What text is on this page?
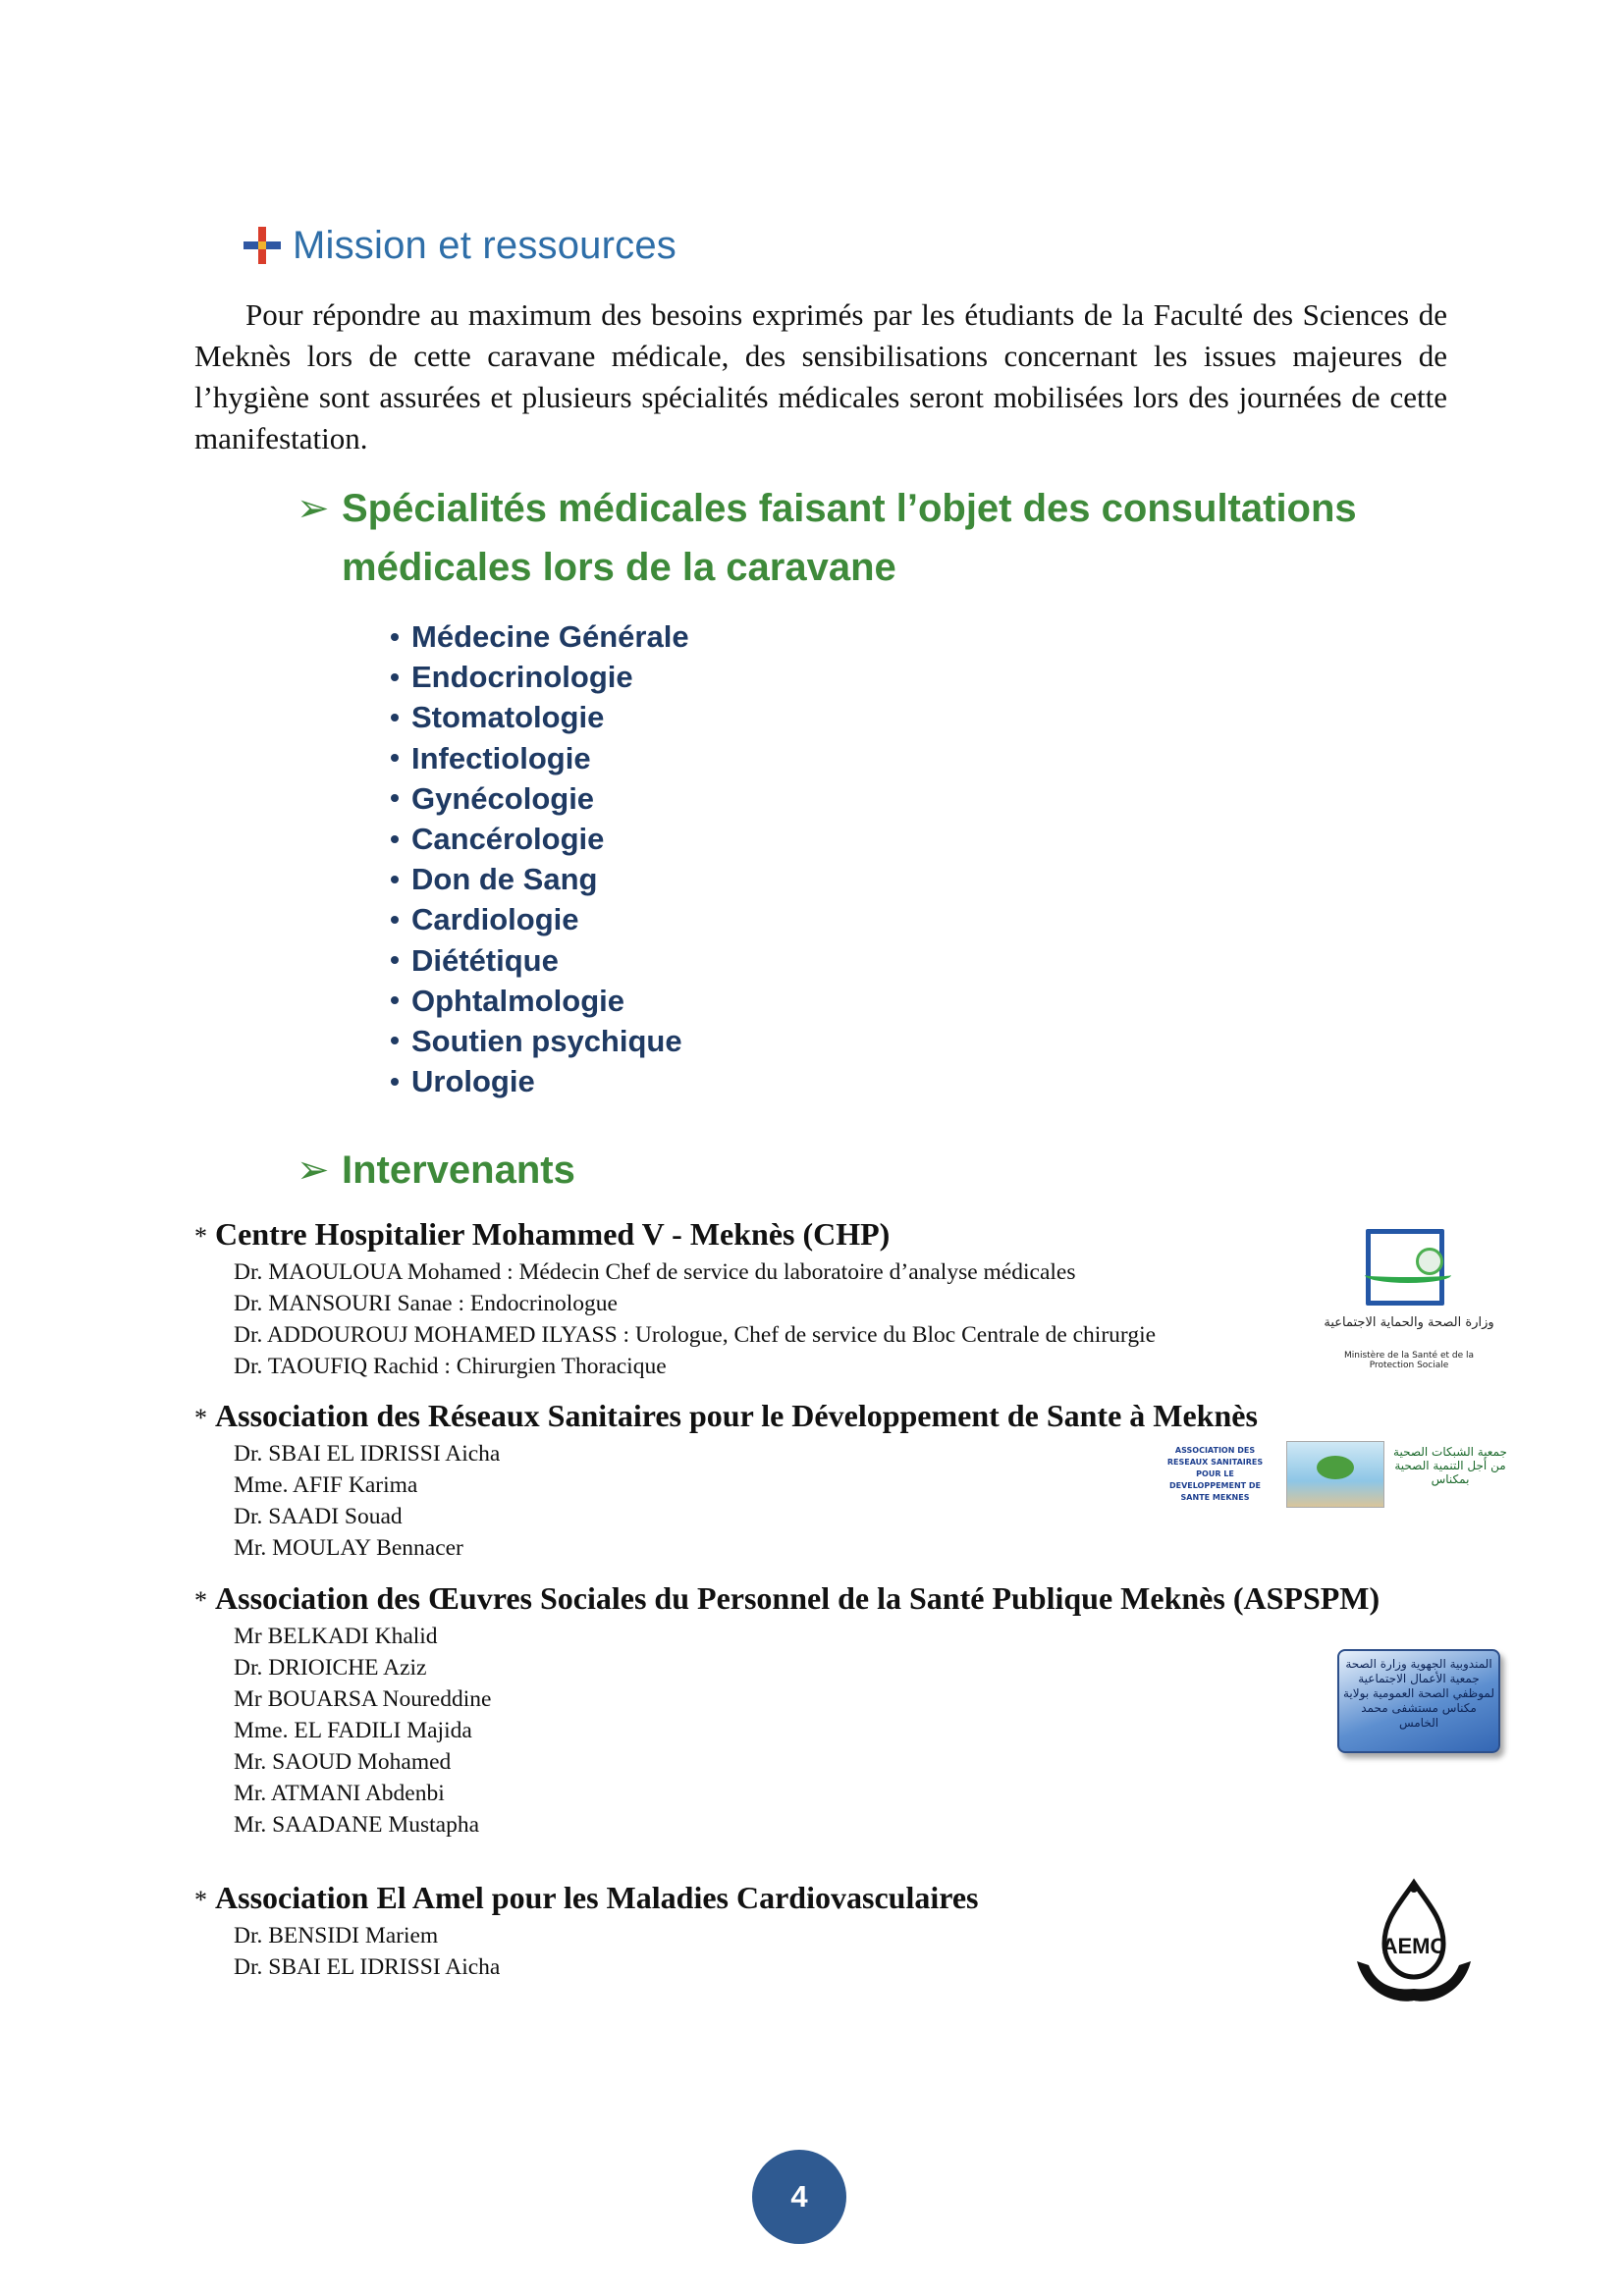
Mission et ressources

Pour répondre au maximum des besoins exprimés par les étudiants de la Faculté des Sciences de Meknès lors de cette caravane médicale, des sensibilisations concernant les issues majeures de l’hygiène sont assurées et plusieurs spécialités médicales seront mobilisées lors des journées de cette manifestation.

➢ Spécialités médicales faisant l’objet des consultations
médicales lors de la caravane
Médecine Générale
Endocrinologie
Stomatologie
Infectiologie
Gynécologie
Cancérologie
Don de Sang
Cardiologie
Diététique
Ophtalmologie
Soutien psychique
Urologie
➢ Intervenants
* Centre Hospitalier Mohammed V - Meknès (CHP)
Dr. MAOULOUA Mohamed : Médecin Chef de service du laboratoire d’analyse médicales
Dr. MANSOURI Sanae : Endocrinologue
Dr. ADDOUROUJ MOHAMED ILYASS : Urologue, Chef de service du Bloc Centrale de chirurgie
Dr. TAOUFIQ Rachid : Chirurgien Thoracique
* Association des Réseaux Sanitaires pour le Développement de Sante à Meknès
Dr. SBAI EL IDRISSI Aicha
Mme. AFIF Karima
Dr. SAADI Souad
Mr. MOULAY Bennacer
* Association des Œuvres Sociales du Personnel de la Santé Publique Meknès (ASPSPM)
Mr BELKADI Khalid
Dr. DRIOICHE Aziz
Mr BOUARSA Noureddine
Mme. EL FADILI Majida
Mr. SAOUD Mohamed
Mr. ATMANI Abdenbi
Mr. SAADANE Mustapha
* Association El Amel pour les Maladies Cardiovasculaires
Dr. BENSIDI Mariem
Dr. SBAI EL IDRISSI Aicha
وزارة الصحة والحماية الاجتماعية
Ministère de la Santé et de la Protection Sociale
ASSOCIATION DES RESEAUX SANITAIRES POUR LE DEVELOPPEMENT DE SANTE MEKNES
جمعية الشبكات الصحية من أجل التنمية الصحية بمكناس
المندوبية الجهوية وزارة الصحة جمعية الأعمال الاجتماعية لموظفي الصحة العمومية بولاية مكناس مستشفى محمد الخامس
AEMC
4
